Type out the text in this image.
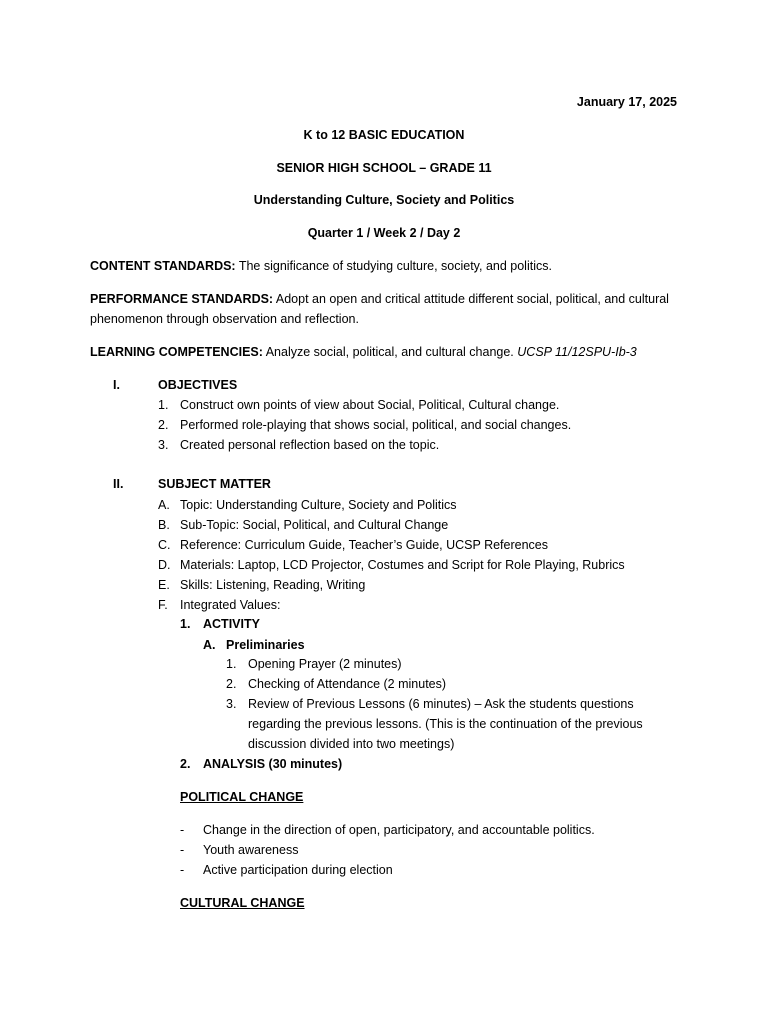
January 17, 2025
K to 12 BASIC EDUCATION
SENIOR HIGH SCHOOL – GRADE 11
Understanding Culture, Society and Politics
Quarter 1 / Week 2 / Day 2
CONTENT STANDARDS: The significance of studying culture, society, and politics.
PERFORMANCE STANDARDS: Adopt an open and critical attitude different social, political, and cultural
phenomenon through observation and reflection.
LEARNING COMPETENCIES: Analyze social, political, and cultural change. UCSP 11/12SPU-Ib-3
I.	OBJECTIVES
1. Construct own points of view about Social, Political, Cultural change.
2. Performed role-playing that shows social, political, and social changes.
3. Created personal reflection based on the topic.
II.	SUBJECT MATTER
A. Topic: Understanding Culture, Society and Politics
B. Sub-Topic: Social, Political, and Cultural Change
C. Reference: Curriculum Guide, Teacher’s Guide, UCSP References
D. Materials: Laptop, LCD Projector, Costumes and Script for Role Playing, Rubrics
E. Skills: Listening, Reading, Writing
F. Integrated Values:
1. ACTIVITY
A. Preliminaries
1. Opening Prayer (2 minutes)
2. Checking of Attendance (2 minutes)
3. Review of Previous Lessons (6 minutes) – Ask the students questions
regarding the previous lessons. (This is the continuation of the previous
discussion divided into two meetings)
2. ANALYSIS (30 minutes)
POLITICAL CHANGE
- Change in the direction of open, participatory, and accountable politics.
- Youth awareness
- Active participation during election
CULTURAL CHANGE
